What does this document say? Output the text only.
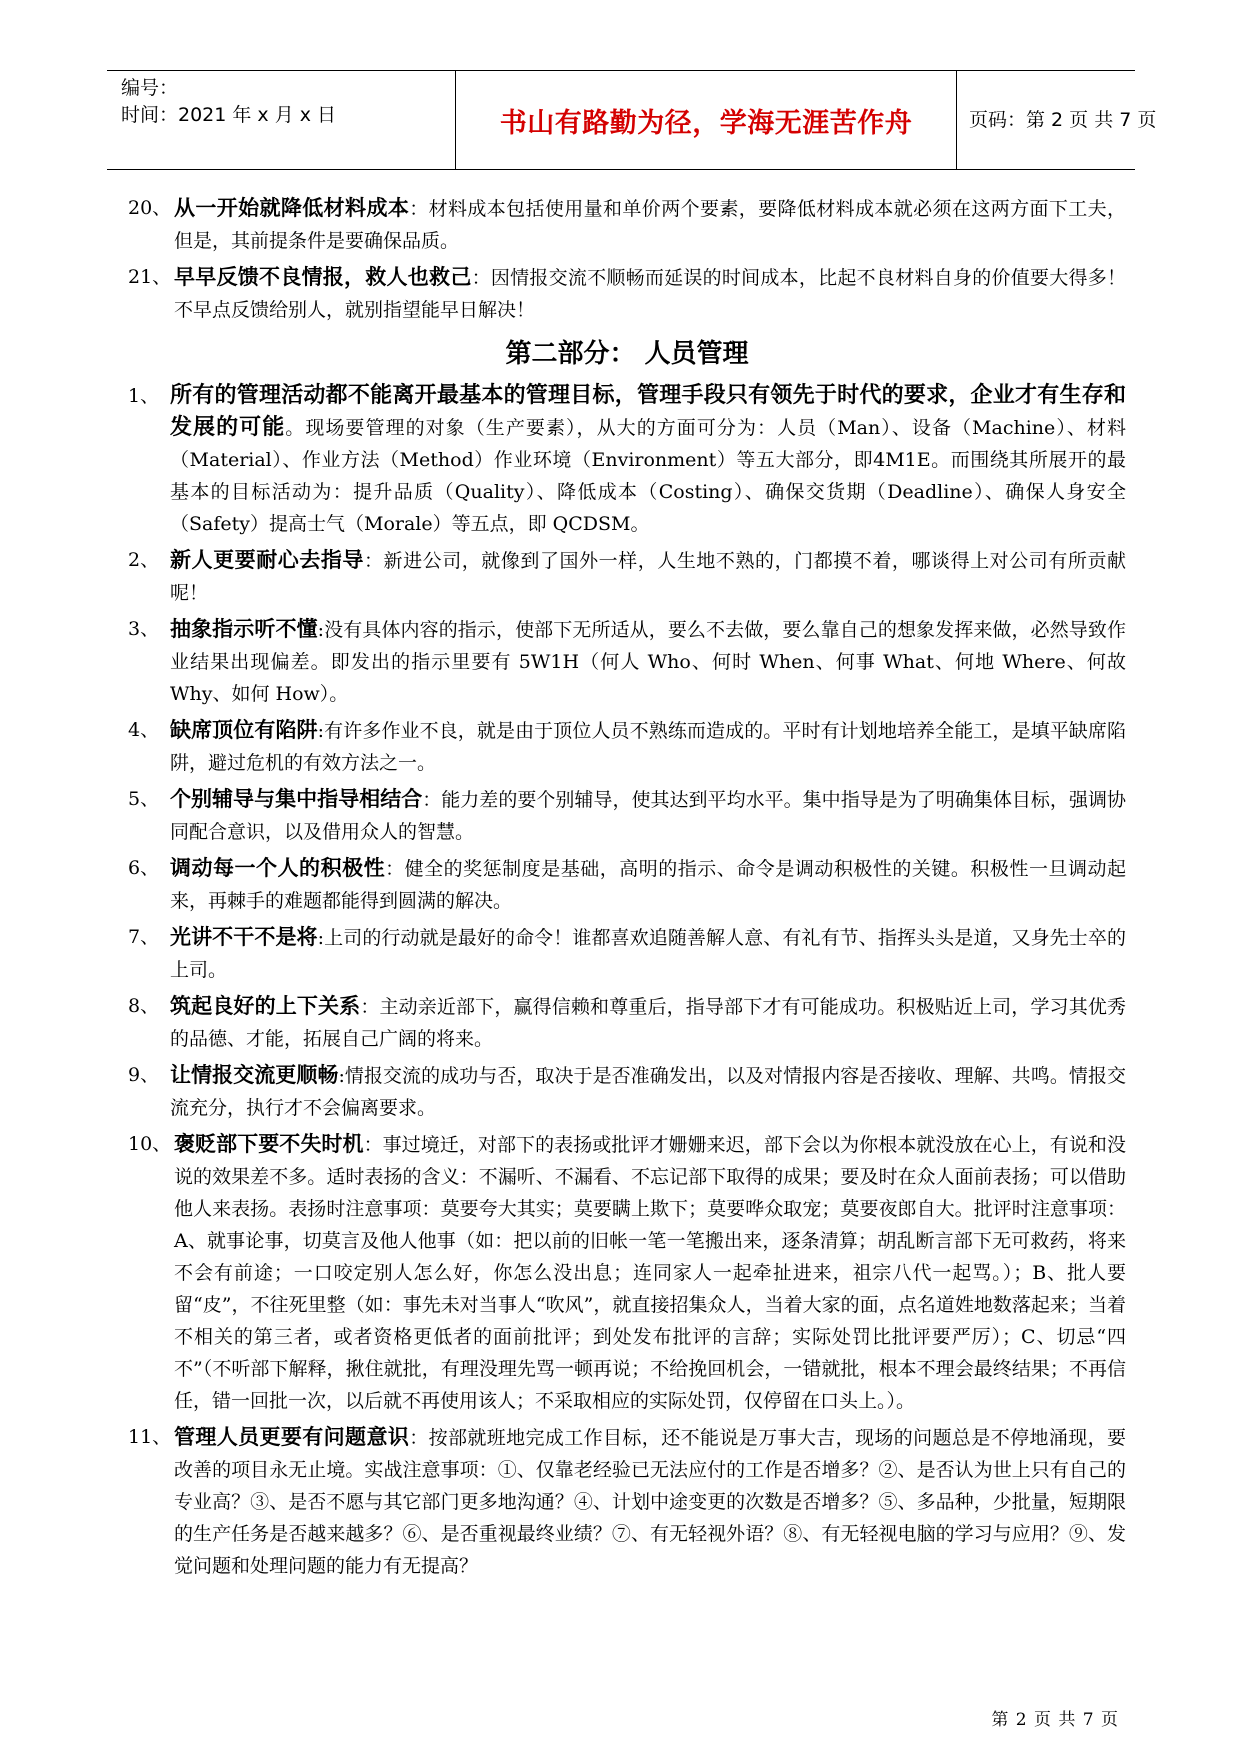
编号：
时间：2021 年 x 月 x 日	书山有路勤为径，学海无涯苦作舟	页码：第 2 页 共 7 页
20、 从一开始就降低材料成本：材料成本包括使用量和单价两个要素，要降低材料成本就必须在这两方面下工夫，但是，其前提条件是要确保品质。
21、 早早反馈不良情报，救人也救己：因情报交流不顺畅而延误的时间成本，比起不良材料自身的价值要大得多！不早点反馈给别人，就别指望能早日解决！
第二部分： 人员管理
1、 所有的管理活动都不能离开最基本的管理目标，管理手段只有领先于时代的要求，企业才有生存和发展的可能。现场要管理的对象（生产要素），从大的方面可分为：人员（Man）、设备（Machine）、材料（Material）、作业方法（Method）作业环境（Environment）等五大部分，即4M1E。而围绕其所展开的最基本的目标活动为：提升品质（Quality）、降低成本（Costing）、确保交货期（Deadline）、确保人身安全（Safety）提高士气（Morale）等五点，即 QCDSM。
2、 新人更要耐心去指导：新进公司，就像到了国外一样，人生地不熟的，门都摸不着，哪谈得上对公司有所贡献呢！
3、 抽象指示听不懂:没有具体内容的指示，使部下无所适从，要么不去做，要么靠自己的想象发挥来做，必然导致作业结果出现偏差。即发出的指示里要有 5W1H（何人 Who、何时 When、何事 What、何地 Where、何故 Why、如何 How）。
4、 缺席顶位有陷阱:有许多作业不良，就是由于顶位人员不熟练而造成的。平时有计划地培养全能工，是填平缺席陷阱，避过危机的有效方法之一。
5、 个别辅导与集中指导相结合：能力差的要个别辅导，使其达到平均水平。集中指导是为了明确集体目标，强调协同配合意识，以及借用众人的智慧。
6、 调动每一个人的积极性：健全的奖惩制度是基础，高明的指示、命令是调动积极性的关键。积极性一旦调动起来，再棘手的难题都能得到圆满的解决。
7、 光讲不干不是将:上司的行动就是最好的命令！谁都喜欢追随善解人意、有礼有节、指挥头头是道，又身先士卒的上司。
8、 筑起良好的上下关系：主动亲近部下，赢得信赖和尊重后，指导部下才有可能成功。积极贴近上司，学习其优秀的品德、才能，拓展自己广阔的将来。
9、 让情报交流更顺畅:情报交流的成功与否，取决于是否准确发出，以及对情报内容是否接收、理解、共鸣。情报交流充分，执行才不会偏离要求。
10、 褒贬部下要不失时机：事过境迁，对部下的表扬或批评才姗姗来迟，部下会以为你根本就没放在心上，有说和没说的效果差不多。适时表扬的含义：不漏听、不漏看、不忘记部下取得的成果；要及时在众人面前表扬；可以借助他人来表扬。表扬时注意事项：莫要夸大其实；莫要瞒上欺下；莫要哗众取宠；莫要夜郎自大。批评时注意事项：A、就事论事，切莫言及他人他事（如：把以前的旧帐一笔一笔搬出来，逐条清算；胡乱断言部下无可救药，将来不会有前途；一口咬定别人怎么好，你怎么没出息；连同家人一起牵扯进来，祖宗八代一起骂。）；B、批人要留“皮”，不往死里整（如：事先未对当事人“吹风”，就直接招集众人，当着大家的面，点名道姓地数落起来；当着不相关的第三者，或者资格更低者的面前批评；到处发布批评的言辞；实际处罚比批评要严厉）；C、切忌“四不”（不听部下解释，揪住就批，有理没理先骂一顿再说；不给挽回机会，一错就批，根本不理会最终结果；不再信任，错一回批一次，以后就不再使用该人；不采取相应的实际处罚，仅停留在口头上。）。
11、 管理人员更要有问题意识：按部就班地完成工作目标，还不能说是万事大吉，现场的问题总是不停地涌现，要改善的项目永无止境。实战注意事项：①、仅靠老经验已无法应付的工作是否增多？②、是否认为世上只有自己的专业高？③、是否不愿与其它部门更多地沟通？④、计划中途变更的次数是否增多？⑤、多品种，少批量，短期限的生产任务是否越来越多？⑥、是否重视最终业绩？⑦、有无轻视外语？⑧、有无轻视电脑的学习与应用？⑨、发觉问题和处理问题的能力有无提高？
第 2 页 共 7 页
